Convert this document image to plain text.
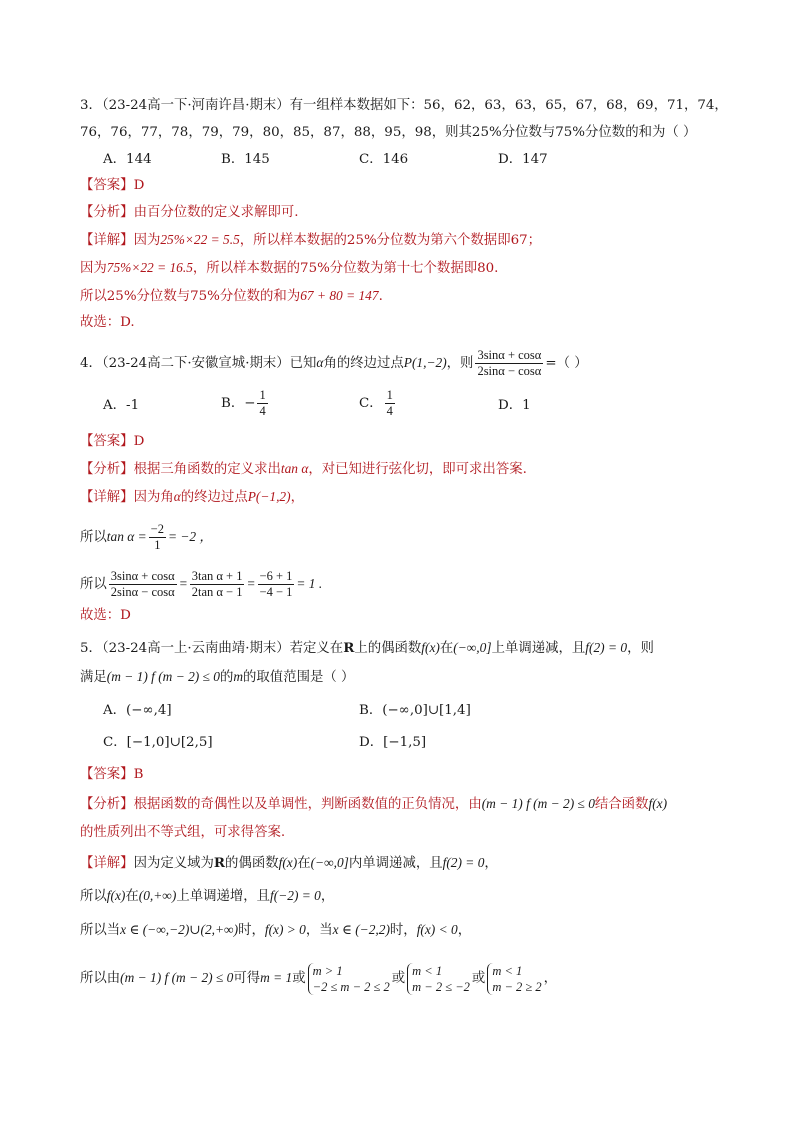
3．（23-24高一下·河南许昌·期末）有一组样本数据如下：56，62，63，63，65，67，68，69，71，74，
76，76，77，78，79，79，80，85，87，88，95，98，则其25%分位数与75%分位数的和为（ ）
A．144	B．145	C．146	D．147
【答案】D
【分析】由百分位数的定义求解即可.
【详解】因为25%×22 = 5.5，所以样本数据的25%分位数为第六个数据即67；
因为75%×22 = 16.5，所以样本数据的75%分位数为第十七个数据即80.
所以25%分位数与75%分位数的和为67 + 80 = 147.
故选：D.
4．（23-24高二下·安徽宣城·期末）已知α角的终边过点P(1,−2)，则 $\frac{3\sin\alpha + \cos\alpha}{2\sin\alpha - \cos\alpha}$ =（ ）
A．-1	B．− $\frac{1}{4}$	C． $\frac{1}{4}$	D．1
【答案】D
【分析】根据三角函数的定义求出tan α，对已知进行弦化切，即可求出答案.
【详解】因为角α的终边过点P(−1,2)，
所以$\tan \alpha = \frac{-2}{1} = -2$ ，
所以 $\frac{3\sin\alpha + \cos\alpha}{2\sin\alpha - \cos\alpha} = \frac{\text{3tan α + 1}}{\text{2tan α − 1}} = \frac{-6 + 1}{-4 - 1} = 1$ .
故选：D
5．（23-24高一上·云南曲靖·期末）若定义在R上的偶函数f(x)在(−∞,0]上单调递减，且f(2) = 0，则
满足(m − 1) f (m − 2) ≤ 0的m的取值范围是（ ）
A．(−∞,4]	B．(−∞,0]∪[1,4]
C．[−1,0]∪[2,5]	D．[−1,5]
【答案】B
【分析】根据函数的奇偶性以及单调性，判断函数值的正负情况，由(m − 1) f (m − 2) ≤ 0结合函数f(x)
的性质列出不等式组，可求得答案.
【详解】因为定义域为R的偶函数f(x)在(−∞,0]内单调递减，且f(2) = 0，
所以f(x)在(0,+∞)上单调递增，且f(−2) = 0，
所以当x ∈ (−∞,−2)∪(2,+∞)时，f(x) > 0，当x ∈ (−2,2)时，f(x) < 0，
所以由(m − 1) f (m − 2) ≤ 0可得m = 1或
m > 1
−2 ≤ m − 2 ≤ 2
或
m < 1
m − 2 ≤ −2
或
m < 1
m − 2 ≥ 2
，
